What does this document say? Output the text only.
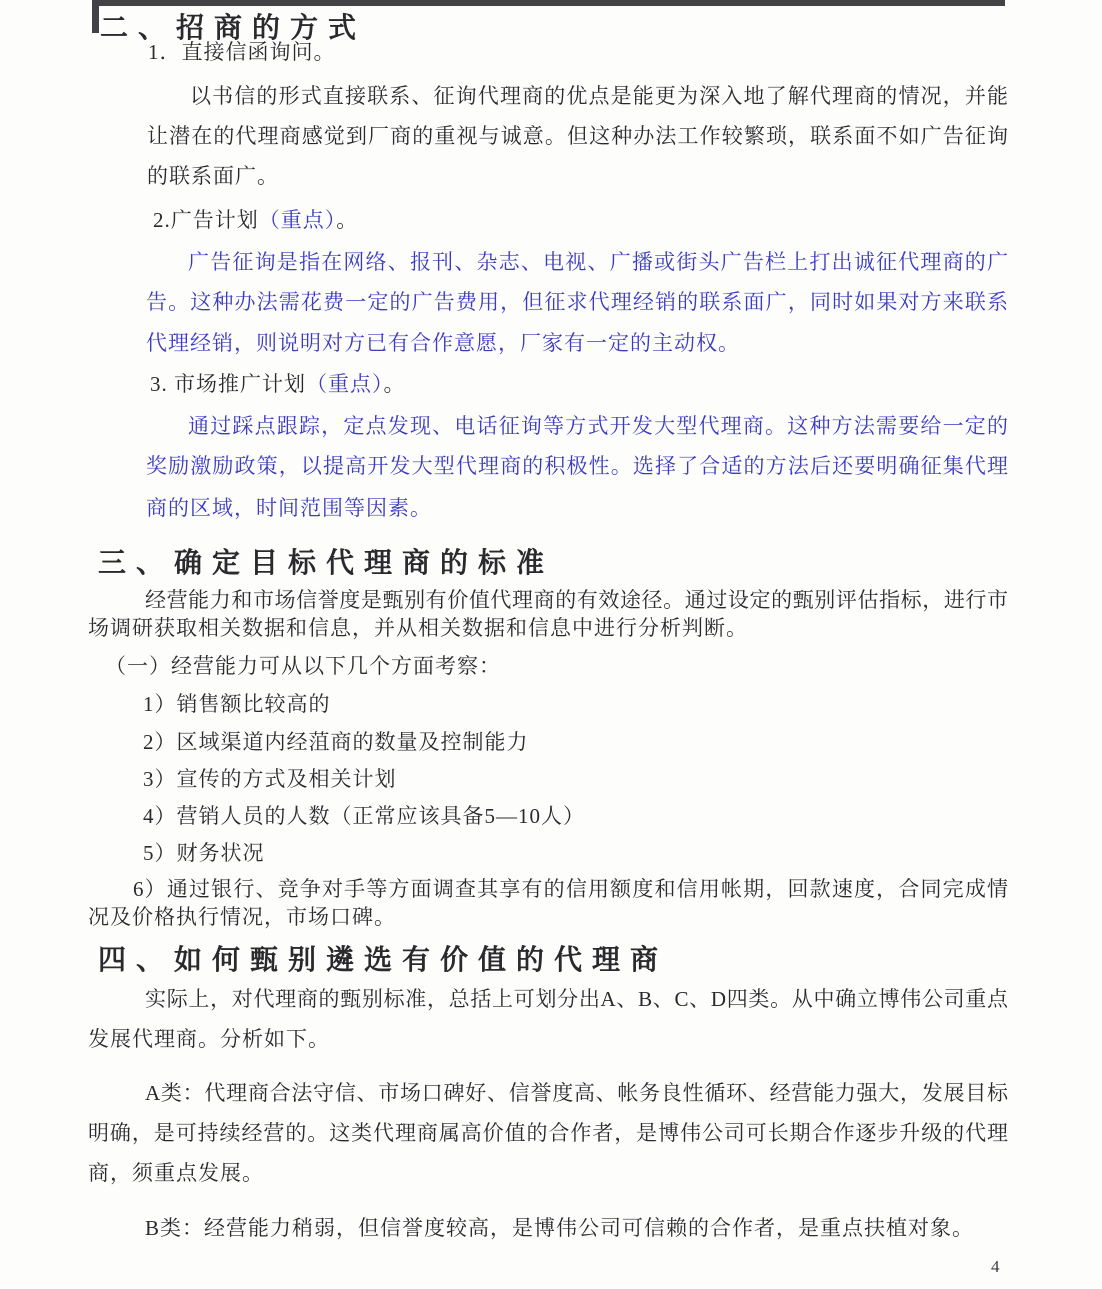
二、招商的方式
1．直接信函询问。
以书信的形式直接联系、征询代理商的优点是能更为深入地了解代理商的情况，并能
让潜在的代理商感觉到厂商的重视与诚意。但这种办法工作较繁琐，联系面不如广告征询
的联系面广。
2.广告计划（重点）。
广告征询是指在网络、报刊、杂志、电视、广播或街头广告栏上打出诚征代理商的广
告。这种办法需花费一定的广告费用，但征求代理经销的联系面广，同时如果对方来联系
代理经销，则说明对方已有合作意愿，厂家有一定的主动权。
3. 市场推广计划（重点）。
通过踩点跟踪，定点发现、电话征询等方式开发大型代理商。这种方法需要给一定的
奖励激励政策，以提高开发大型代理商的积极性。选择了合适的方法后还要明确征集代理
商的区域，时间范围等因素。
三、确定目标代理商的标准
经营能力和市场信誉度是甄别有价值代理商的有效途径。通过设定的甄别评估指标，进行市
场调研获取相关数据和信息，并从相关数据和信息中进行分析判断。
（一）经营能力可从以下几个方面考察：
1）销售额比较高的
2）区域渠道内经菹商的数量及控制能力
3）宣传的方式及相关计划
4）营销人员的人数（正常应该具备5—10人）
5）财务状况
6）通过银行、竞争对手等方面调查其享有的信用额度和信用帐期，回款速度，合同完成情
况及价格执行情况，市场口碑。
四、如何甄别遴选有价值的代理商
实际上，对代理商的甄别标准，总括上可划分出A、B、C、D四类。从中确立博伟公司重点
发展代理商。分析如下。
A类：代理商合法守信、市场口碑好、信誉度高、帐务良性循环、经营能力强大，发展目标
明确，是可持续经营的。这类代理商属高价值的合作者，是博伟公司可长期合作逐步升级的代理
商，须重点发展。
B类：经营能力稍弱，但信誉度较高，是博伟公司可信赖的合作者，是重点扶植对象。
4
